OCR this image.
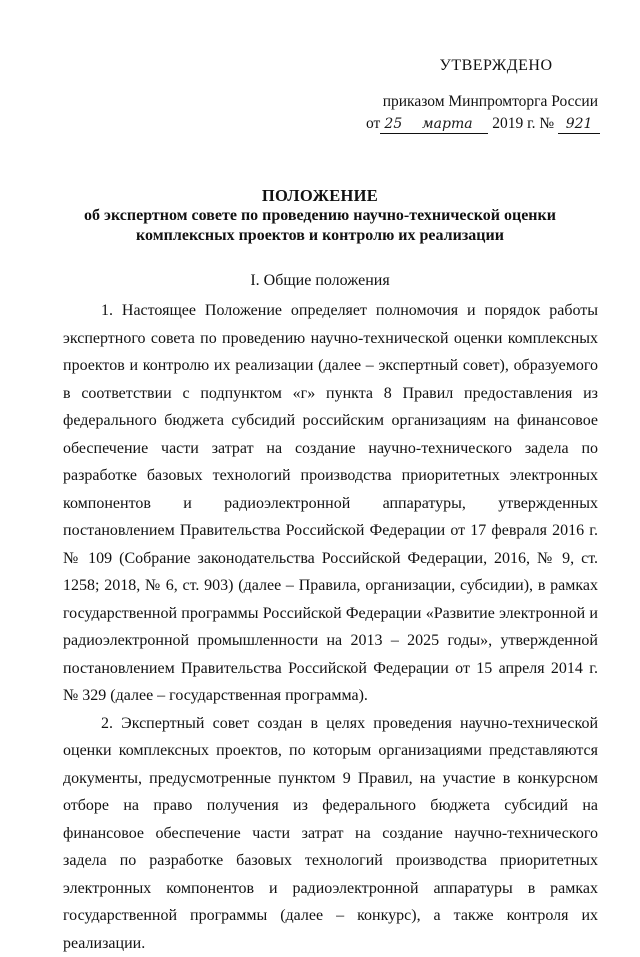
УТВЕРЖДЕНО
приказом Минпромторга России
от 25 марта 2019 г. № 921
ПОЛОЖЕНИЕ
об экспертном совете по проведению научно-технической оценки
комплексных проектов и контролю их реализации
I. Общие положения

1. Настоящее Положение определяет полномочия и порядок работы экспертного совета по проведению научно-технической оценки комплексных проектов и контролю их реализации (далее – экспертный совет), образуемого в соответствии с подпунктом «г» пункта 8 Правил предоставления из федерального бюджета субсидий российским организациям на финансовое обеспечение части затрат на создание научно-технического задела по разработке базовых технологий производства приоритетных электронных компонентов и радиоэлектронной аппаратуры, утвержденных постановлением Правительства Российской Федерации от 17 февраля 2016 г. № 109 (Собрание законодательства Российской Федерации, 2016, № 9, ст. 1258; 2018, № 6, ст. 903) (далее – Правила, организации, субсидии), в рамках государственной программы Российской Федерации «Развитие электронной и радиоэлектронной промышленности на 2013 – 2025 годы», утвержденной постановлением Правительства Российской Федерации от 15 апреля 2014 г. № 329 (далее – государственная программа).

2. Экспертный совет создан в целях проведения научно-технической оценки комплексных проектов, по которым организациями представляются документы, предусмотренные пунктом 9 Правил, на участие в конкурсном отборе на право получения из федерального бюджета субсидий на финансовое обеспечение части затрат на создание научно-технического задела по разработке базовых технологий производства приоритетных электронных компонентов и радиоэлектронной аппаратуры в рамках государственной программы (далее – конкурс), а также контроля их реализации.
